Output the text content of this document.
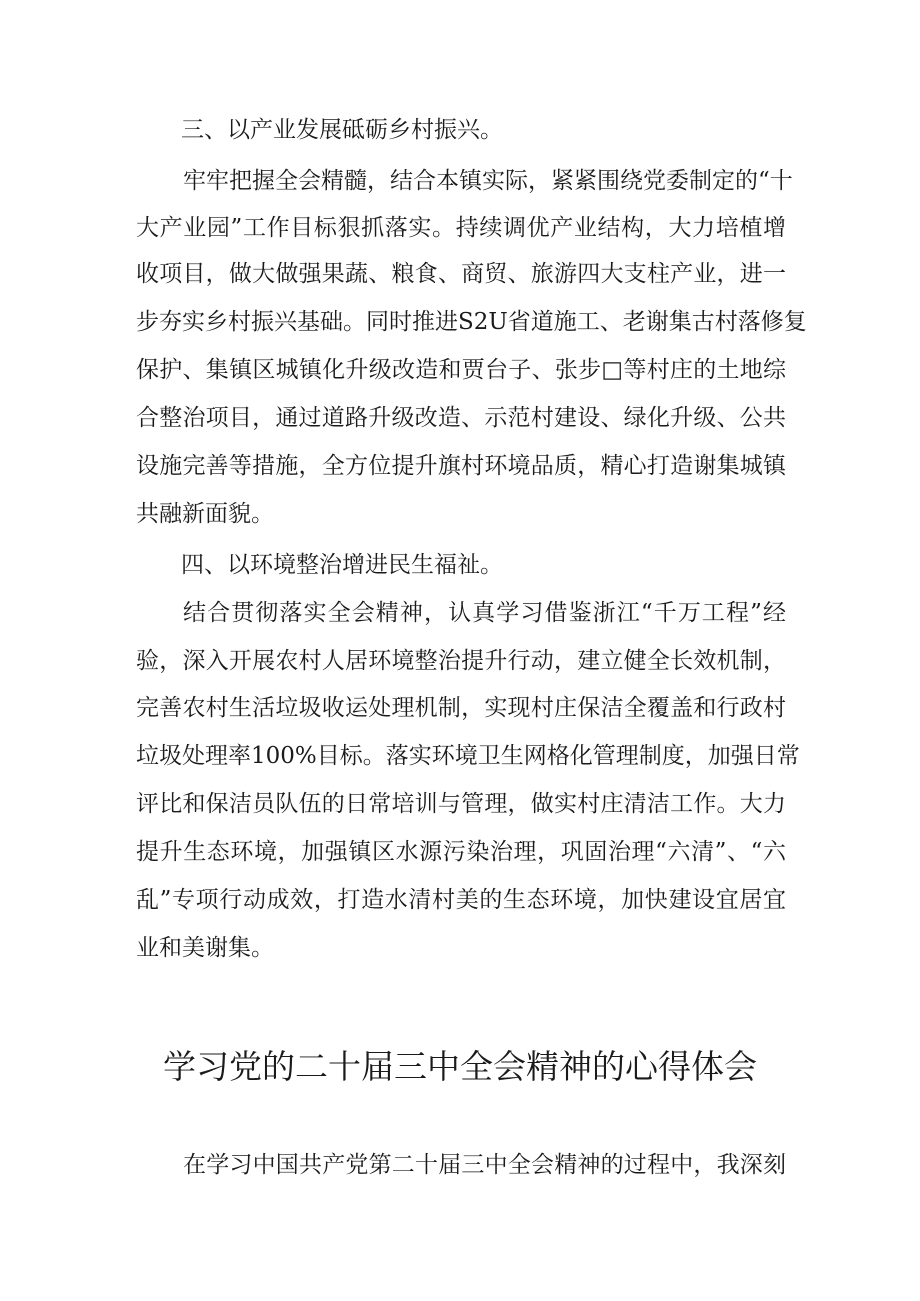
三、以产业发展砥砺乡村振兴。
牢牢把握全会精髓，结合本镇实际，紧紧围绕党委制定的“十
大产业园”工作目标狠抓落实。持续调优产业结构，大力培植增
收项目，做大做强果蔬、粮食、商贸、旅游四大支柱产业，进一
步夯实乡村振兴基础。同时推进S2U省道施工、老谢集古村落修复
保护、集镇区城镇化升级改造和贾台子、张步□等村庄的土地综
合整治项目，通过道路升级改造、示范村建设、绿化升级、公共
设施完善等措施，全方位提升旗村环境品质，精心打造谢集城镇
共融新面貌。
四、以环境整治增进民生福祉。
结合贯彻落实全会精神，认真学习借鉴浙江“千万工程”经
验，深入开展农村人居环境整治提升行动，建立健全长效机制，
完善农村生活垃圾收运处理机制，实现村庄保洁全覆盖和行政村
垃圾处理率100%目标。落实环境卫生网格化管理制度，加强日常
评比和保洁员队伍的日常培训与管理，做实村庄清洁工作。大力
提升生态环境，加强镇区水源污染治理，巩固治理“六清”、“六
乱”专项行动成效，打造水清村美的生态环境，加快建设宜居宜
业和美谢集。
学习党的二十届三中全会精神的心得体会
在学习中国共产党第二十届三中全会精神的过程中，我深刻
